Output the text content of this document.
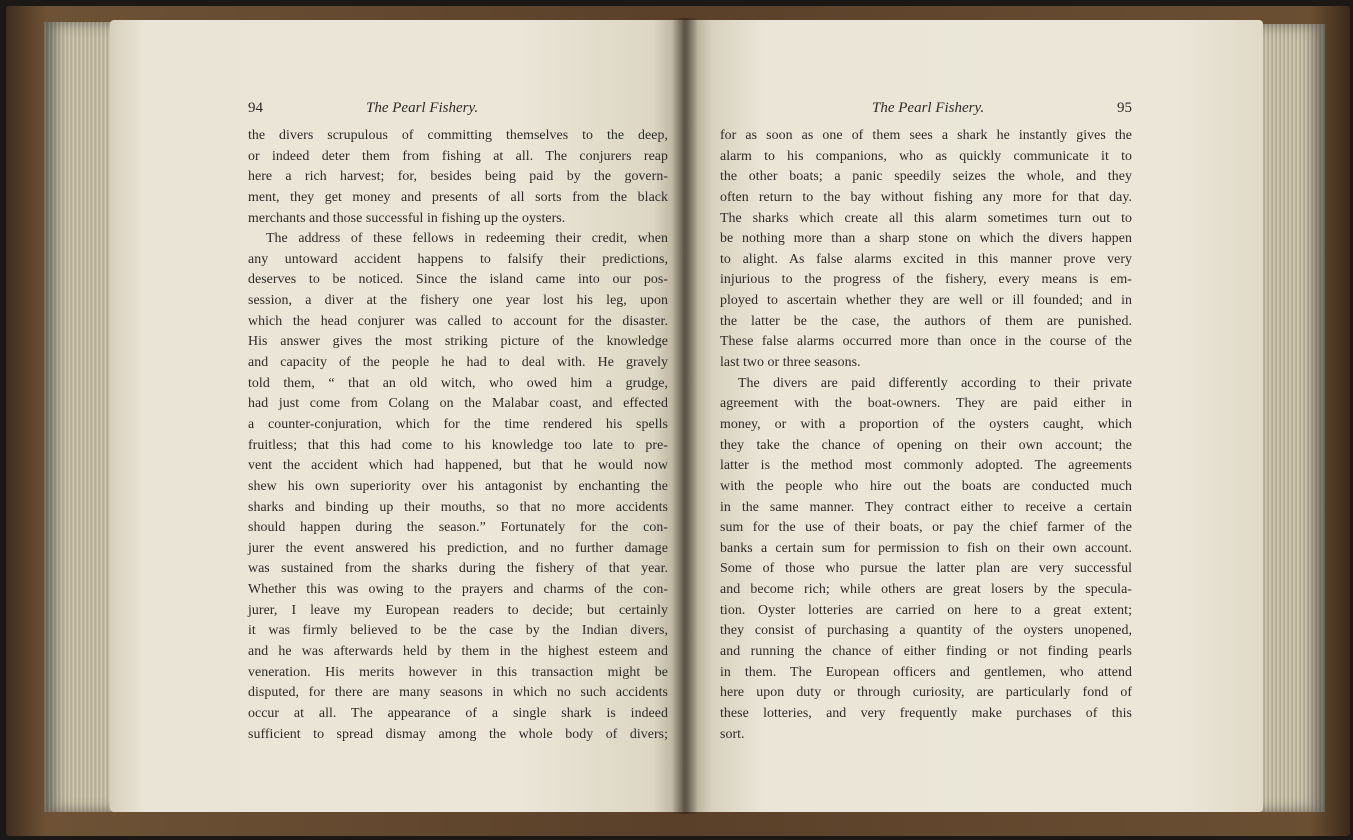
94	The Pearl Fishery.	The Pearl Fishery.	95
the divers scrupulous of committing themselves to the deep,
or indeed deter them from fishing at all. The conjurers reap
here a rich harvest; for, besides being paid by the govern-
ment, they get money and presents of all sorts from the black
merchants and those successful in fishing up the oysters.
The address of these fellows in redeeming their credit, when
any untoward accident happens to falsify their predictions,
deserves to be noticed. Since the island came into our pos-
session, a diver at the fishery one year lost his leg, upon
which the head conjurer was called to account for the disaster.
His answer gives the most striking picture of the knowledge
and capacity of the people he had to deal with. He gravely
told them, “ that an old witch, who owed him a grudge,
had just come from Colang on the Malabar coast, and effected
a counter-conjuration, which for the time rendered his spells
fruitless; that this had come to his knowledge too late to pre-
vent the accident which had happened, but that he would now
shew his own superiority over his antagonist by enchanting the
sharks and binding up their mouths, so that no more accidents
should happen during the season.” Fortunately for the con-
jurer the event answered his prediction, and no further damage
was sustained from the sharks during the fishery of that year.
Whether this was owing to the prayers and charms of the con-
jurer, I leave my European readers to decide; but certainly
it was firmly believed to be the case by the Indian divers,
and he was afterwards held by them in the highest esteem and
veneration. His merits however in this transaction might be
disputed, for there are many seasons in which no such accidents
occur at all. The appearance of a single shark is indeed
sufficient to spread dismay among the whole body of divers;
for as soon as one of them sees a shark he instantly gives the
alarm to his companions, who as quickly communicate it to
the other boats; a panic speedily seizes the whole, and they
often return to the bay without fishing any more for that day.
The sharks which create all this alarm sometimes turn out to
be nothing more than a sharp stone on which the divers happen
to alight. As false alarms excited in this manner prove very
injurious to the progress of the fishery, every means is em-
ployed to ascertain whether they are well or ill founded; and in
the latter be the case, the authors of them are punished.
These false alarms occurred more than once in the course of the
last two or three seasons.
The divers are paid differently according to their private
agreement with the boat-owners. They are paid either in
money, or with a proportion of the oysters caught, which
they take the chance of opening on their own account; the
latter is the method most commonly adopted. The agreements
with the people who hire out the boats are conducted much
in the same manner. They contract either to receive a certain
sum for the use of their boats, or pay the chief farmer of the
banks a certain sum for permission to fish on their own account.
Some of those who pursue the latter plan are very successful
and become rich; while others are great losers by the specula-
tion. Oyster lotteries are carried on here to a great extent;
they consist of purchasing a quantity of the oysters unopened,
and running the chance of either finding or not finding pearls
in them. The European officers and gentlemen, who attend
here upon duty or through curiosity, are particularly fond of
these lotteries, and very frequently make purchases of this
sort.
